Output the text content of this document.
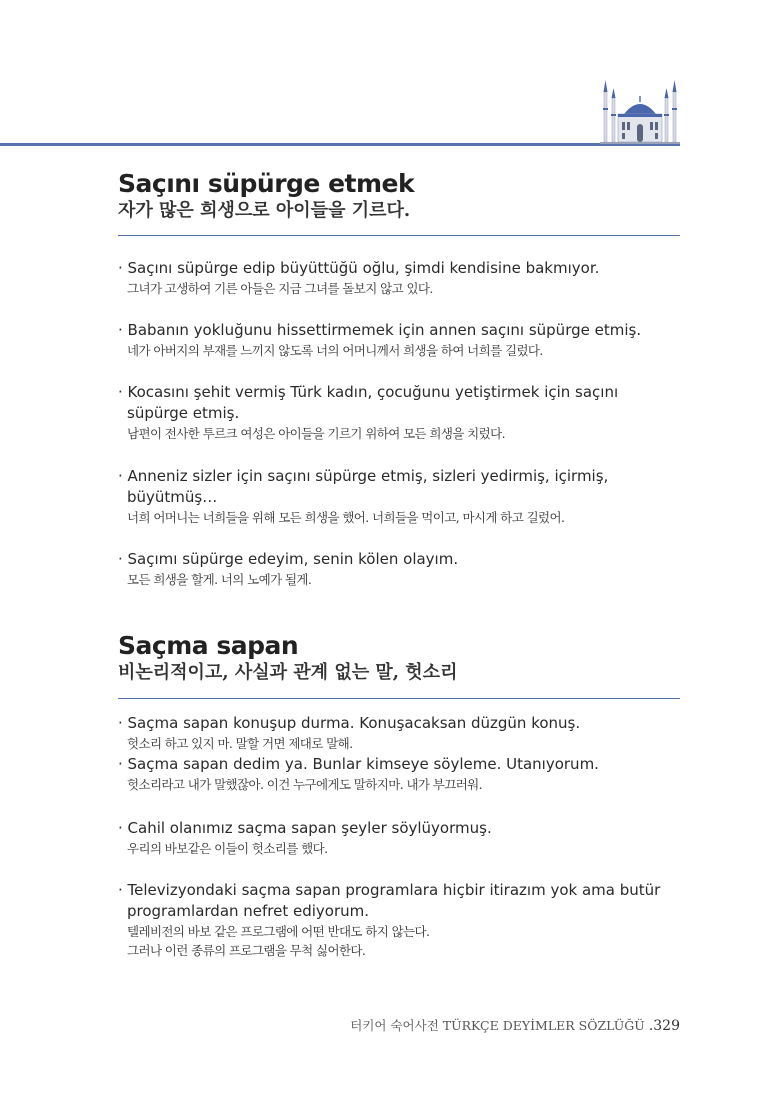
Saçını süpürge etmek
자가 많은 희생으로 아이들을 기르다.
· Saçını süpürge edip büyüttüğü oğlu, şimdi kendisine bakmıyor.
그녀가 고생하여 기른 아들은 지금 그녀를 돌보지 않고 있다.
· Babanın yokluğunu hissettirmemek için annen saçını süpürge etmiş.
네가 아버지의 부재를 느끼지 않도록 너의 어머니께서 희생을 하여 너희를 길렀다.
· Kocasını şehit vermiş Türk kadın, çocuğunu yetiştirmek için saçını süpürge etmiş.
남편이 전사한 투르크 여성은 아이들을 기르기 위하여 모든 희생을 치렀다.
· Anneniz sizler için saçını süpürge etmiş, sizleri yedirmiş, içirmiş, büyütmüş…
너희 어머니는 너희들을 위해 모든 희생을 했어. 너희들을 먹이고, 마시게 하고 길렀어.
· Saçımı süpürge edeyim, senin kölen olayım.
모든 희생을 할게. 너의 노예가 될게.
Saçma sapan
비논리적이고, 사실과 관계 없는 말, 헛소리
· Saçma sapan konuşup durma. Konuşacaksan düzgün konuş.
헛소리 하고 있지 마. 말할 거면 제대로 말해.
· Saçma sapan dedim ya. Bunlar kimseye söyleme. Utanıyorum.
헛소리라고 내가 말했잖아. 이건 누구에게도 말하지마. 내가 부끄러워.
· Cahil olanımız saçma sapan şeyler söylüyormuş.
우리의 바보같은 이들이 헛소리를 했다.
· Televizyondaki saçma sapan programlara hiçbir itirazım yok ama butür programlardan nefret ediyorum.
텔레비전의 바보 같은 프로그램에 어떤 반대도 하지 않는다.
그러나 이런 종류의 프로그램을 무척 싫어한다.
터키어 숙어사전 TÜRKÇE DEYİMLER SÖZLÜĞÜ .329
